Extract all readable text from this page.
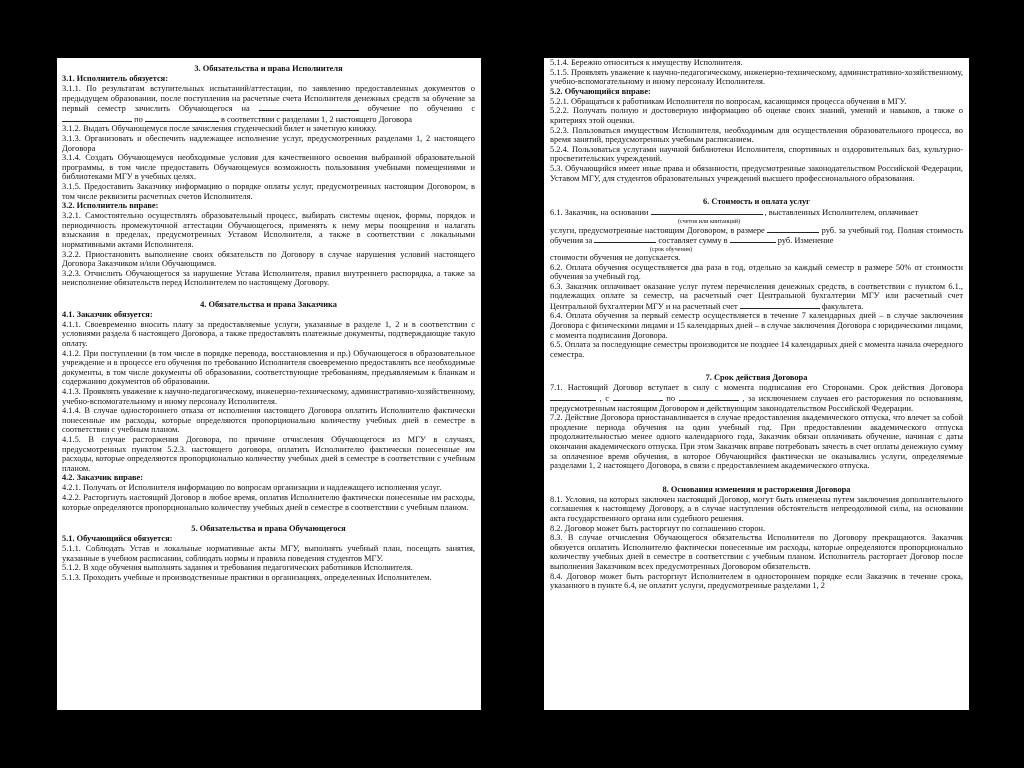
3. Обязательства и права Исполнителя

3.1. Исполнитель обязуется:

3.1.1. По результатам вступительных испытаний/аттестации, по заявлению предоставленных документов о предыдущем образовании, после поступления на расчетные счета Исполнителя денежных средств за обучение за первый семестр зачислить Обучающегося на	обучение по обучению с  по	в соответствии с разделами 1, 2 настоящего Договора

3.1.2. Выдать Обучающемуся после зачисления студенческий билет и зачетную книжку.

3.1.3. Организовать и обеспечить надлежащее исполнение услуг, предусмотренных разделами 1, 2 настоящего Договора

3.1.4. Создать Обучающемуся необходимые условия для качественного освоения выбранной образовательной программы, в том числе предоставить Обучающемуся возможность пользования учебными помещениями и библиотеками МГУ в учебных целях.

3.1.5. Предоставить Заказчику информацию о порядке оплаты услуг, предусмотренных настоящим Договором, в том числе реквизиты расчетных счетов Исполнителя.

3.2. Исполнитель вправе:

3.2.1. Самостоятельно осуществлять образовательный процесс, выбирать системы оценок, формы, порядок и периодичность промежуточной аттестации Обучающегося, применять к нему меры поощрения и налагать взыскания в пределах, предусмотренных Уставом Исполнителя, а также в соответствии с локальными нормативными актами Исполнителя.

3.2.2. Приостановить выполнение своих обязательств по Договору в случае нарушения условий настоящего Договора Заказчиком и/или Обучающимся.

3.2.3. Отчислить Обучающегося за нарушение Устава Исполнителя, правил внутреннего распорядка, а также за неисполнение обязательств перед Исполнителем по настоящему Договору.

4. Обязательства и права Заказчика

4.1. Заказчик обязуется:

4.1.1. Своевременно вносить плату за предоставляемые услуги, указанные в разделе 1, 2 и в соответствии с условиями раздела 6 настоящего Договора, а также предоставлять платежные документы, подтверждающие такую оплату.

4.1.2. При поступлении (в том числе в порядке перевода, восстановления и пр.) Обучающегося в образовательное учреждение и в процессе его обучения по требованию Исполнителя своевременно предоставлять все необходимые документы, в том числе документы об образовании, соответствующие требованиям, предъявляемым к бланкам и содержанию документов об образовании.

4.1.3. Проявлять уважение к научно-педагогическому, инженерно-техническому, административно-хозяйственному, учебно-вспомогательному и иному персоналу Исполнителя.

4.1.4. В случае одностороннего отказа от исполнения настоящего Договора оплатить Исполнителю фактически понесенные им расходы, которые определяются пропорционально количеству учебных дней в семестре в соответствии с учебным планом.

4.1.5. В случае расторжения Договора, по причине отчисления Обучающегося из МГУ в случаях, предусмотренных пунктом 5.2.3. настоящего договора, оплатить Исполнителю фактически понесенные им расходы, которые определяются пропорционально количеству учебных дней в семестре в соответствии с учебным планом.

4.2. Заказчик вправе:

4.2.1. Получать от Исполнителя информацию по вопросам организации и надлежащего исполнения услуг.

4.2.2. Расторгнуть настоящий Договор в любое время, оплатив Исполнителю фактически понесенные им расходы, которые определяются пропорционально количеству учебных дней в семестре в соответствии с учебным планом.

5. Обязательства и права Обучающегося

5.1. Обучающийся обязуется:

5.1.1. Соблюдать Устав и локальные нормативные акты МГУ, выполнять учебный план, посещать занятия, указанные в учебном расписании, соблюдать нормы и правила поведения студентов МГУ.

5.1.2. В ходе обучения выполнять задания и требования педагогических работников Исполнителя.

5.1.3. Проходить учебные и производственные практики в организациях, определенных Исполнителем.

5.1.4. Бережно относиться к имуществу Исполнителя.

5.1.5. Проявлять уважение к научно-педагогическому, инженерно-техническому, административно-хозяйственному, учебно-вспомогательному и иному персоналу Исполнителя.

5.2. Обучающийся вправе:

5.2.1. Обращаться к работникам Исполнителя по вопросам, касающимся процесса обучения в МГУ.

5.2.2. Получать полную и достоверную информацию об оценке своих знаний, умений и навыков, а также о критериях этой оценки.

5.2.3. Пользоваться имуществом Исполнителя, необходимым для осуществления образовательного процесса, во время занятий, предусмотренных учебным расписанием.

5.2.4. Пользоваться услугами научной библиотеки Исполнителя, спортивных и оздоровительных баз, культурно-просветительских учреждений.

5.3. Обучающийся имеет иные права и обязанности, предусмотренные законодательством Российской Федерации, Уставом МГУ, для студентов образовательных учреждений высшего профессионального образования.

6. Стоимость и оплата услуг

6.1. Заказчик, на основании	, выставленных Исполнителем, оплачивает

(счетов или квитанций)

услуги, предусмотренные настоящим Договором, в размере	руб. за учебный год. Полная стоимость обучения за	составляет сумму в	руб. Изменение

(срок обучения)

стоимости обучения не допускается.

6.2. Оплата обучения осуществляется два раза в год, отдельно за каждый семестр в размере 50% от стоимости обучения за учебный год.

6.3. Заказчик оплачивает оказание услуг путем перечисления денежных средств, в соответствии с пунктом 6.1., подлежащих оплате за семестр, на расчетный счет Центральной бухгалтерии МГУ или расчетный счет Центральной бухгалтерии МГУ и на расчетный счет	факультета.

6.4. Оплата обучения за первый семестр осуществляется в течение 7 календарных дней – в случае заключения Договора с физическими лицами и 15 календарных дней – в случае заключения Договора с юридическими лицами, с момента подписания Договора.

6.5. Оплата за последующие семестры производится не позднее 14 календарных дней с момента начала очередного семестра.

7. Срок действия Договора

7.1. Настоящий Договор вступает в силу с момента подписания его Сторонами. Срок действия Договора  , с	по	, за исключением случаев его расторжения по основаниям, предусмотренным настоящим Договором и действующим законодательством Российской Федерации.

7.2. Действие Договора приостанавливается в случае предоставления академического отпуска, что влечет за собой продление периода обучения на один учебный год. При предоставлении академического отпуска продолжительностью менее одного календарного года, Заказчик обязан оплачивать обучение, начиная с даты окончания академического отпуска. При этом Заказчик вправе потребовать зачесть в счет оплаты денежную сумму за оплаченное время обучения, в которое Обучающийся фактически не оказывались услуги, определяемые разделами 1, 2 настоящего Договора, в связи с предоставлением академического отпуска.

8. Основания изменения и расторжения Договора

8.1. Условия, на которых заключен настоящий Договор, могут быть изменены путем заключения дополнительного соглашения к настоящему Договору, а в случае наступления обстоятельств непреодолимой силы, на основании акта государственного органа или судебного решения.

8.2. Договор может быть расторгнут по соглашению сторон.

8.3. В случае отчисления Обучающегося обязательства Исполнителя по Договору прекращаются. Заказчик обязуется оплатить Исполнителю фактически понесенные им расходы, которые определяются пропорционально количеству учебных дней в семестре в соответствии с учебным планом. Исполнитель расторгает Договор после выполнения Заказчиком всех предусмотренных Договором обязательств.

8.4. Договор может быть расторгнут Исполнителем в одностороннем порядке если Заказчик в течение срока, указанного в пункте 6.4, не оплатит услуги, предусмотренные разделами 1, 2
